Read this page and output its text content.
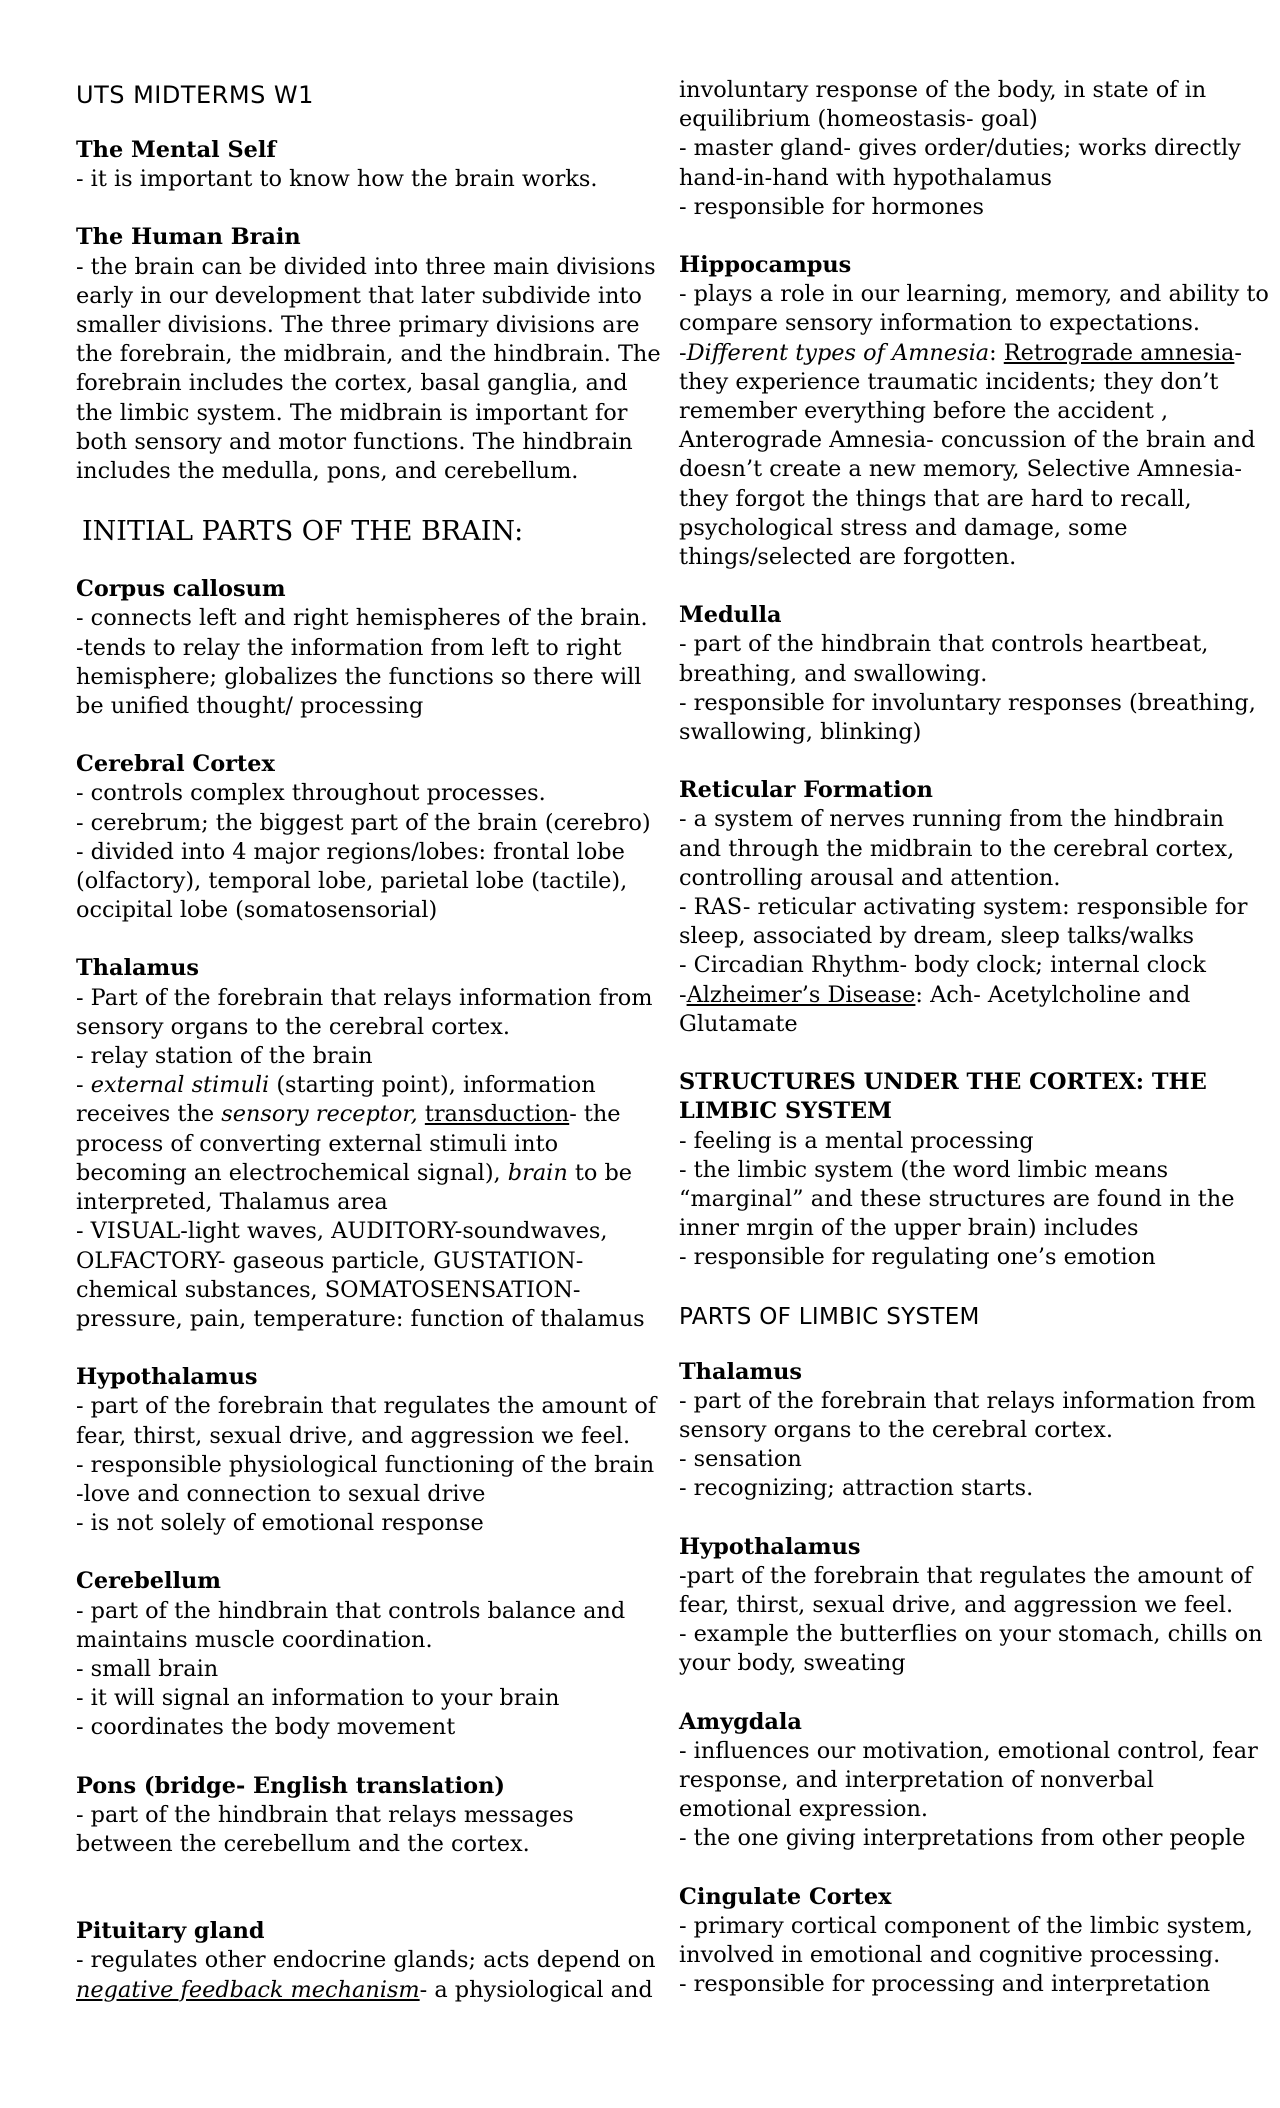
UTS MIDTERMS W1
The Mental Self
- it is important to know how the brain works.
The Human Brain
- the brain can be divided into three main divisions early in our development that later subdivide into smaller divisions. The three primary divisions are the forebrain, the midbrain, and the hindbrain. The forebrain includes the cortex, basal ganglia, and the limbic system. The midbrain is important for both sensory and motor functions. The hindbrain includes the medulla, pons, and cerebellum.
INITIAL PARTS OF THE BRAIN:
Corpus callosum
- connects left and right hemispheres of the brain.
-tends to relay the information from left to right hemisphere; globalizes the functions so there will be unified thought/ processing
Cerebral Cortex
- controls complex throughout processes.
- cerebrum; the biggest part of the brain (cerebro)
- divided into 4 major regions/lobes: frontal lobe (olfactory), temporal lobe, parietal lobe (tactile), occipital lobe (somatosensorial)
Thalamus
- Part of the forebrain that relays information from sensory organs to the cerebral cortex.
- relay station of the brain
- external stimuli (starting point), information receives the sensory receptor, transduction- the process of converting external stimuli into becoming an electrochemical signal), brain to be interpreted, Thalamus area
- VISUAL-light waves, AUDITORY-soundwaves, OLFACTORY- gaseous particle, GUSTATION-chemical substances, SOMATOSENSATION-pressure, pain, temperature: function of thalamus
Hypothalamus
- part of the forebrain that regulates the amount of fear, thirst, sexual drive, and aggression we feel.
- responsible physiological functioning of the brain
-love and connection to sexual drive
- is not solely of emotional response
Cerebellum
- part of the hindbrain that controls balance and maintains muscle coordination.
- small brain
- it will signal an information to your brain
- coordinates the body movement
Pons (bridge- English translation)
- part of the hindbrain that relays messages between the cerebellum and the cortex.
Pituitary gland
- regulates other endocrine glands; acts depend on negative feedback mechanism- a physiological and
involuntary response of the body, in state of in equilibrium (homeostasis- goal)
- master gland- gives order/duties; works directly hand-in-hand with hypothalamus
- responsible for hormones
Hippocampus
- plays a role in our learning, memory, and ability to compare sensory information to expectations.
-Different types of Amnesia: Retrograde amnesia-they experience traumatic incidents; they don’t remember everything before the accident , Anterograde Amnesia- concussion of the brain and doesn’t create a new memory, Selective Amnesia-they forgot the things that are hard to recall, psychological stress and damage, some things/selected are forgotten.
Medulla
- part of the hindbrain that controls heartbeat, breathing, and swallowing.
- responsible for involuntary responses (breathing, swallowing, blinking)
Reticular Formation
- a system of nerves running from the hindbrain and through the midbrain to the cerebral cortex, controlling arousal and attention.
- RAS- reticular activating system: responsible for sleep, associated by dream, sleep talks/walks
- Circadian Rhythm- body clock; internal clock
-Alzheimer’s Disease: Ach- Acetylcholine and Glutamate
STRUCTURES UNDER THE CORTEX: THE LIMBIC SYSTEM
- feeling is a mental processing
- the limbic system (the word limbic means “marginal” and these structures are found in the inner mrgin of the upper brain) includes
- responsible for regulating one’s emotion
PARTS OF LIMBIC SYSTEM
Thalamus
- part of the forebrain that relays information from sensory organs to the cerebral cortex.
- sensation
- recognizing; attraction starts.
Hypothalamus
-part of the forebrain that regulates the amount of fear, thirst, sexual drive, and aggression we feel.
- example the butterflies on your stomach, chills on your body, sweating
Amygdala
- influences our motivation, emotional control, fear response, and interpretation of nonverbal emotional expression.
- the one giving interpretations from other people
Cingulate Cortex
- primary cortical component of the limbic system, involved in emotional and cognitive processing.
- responsible for processing and interpretation
